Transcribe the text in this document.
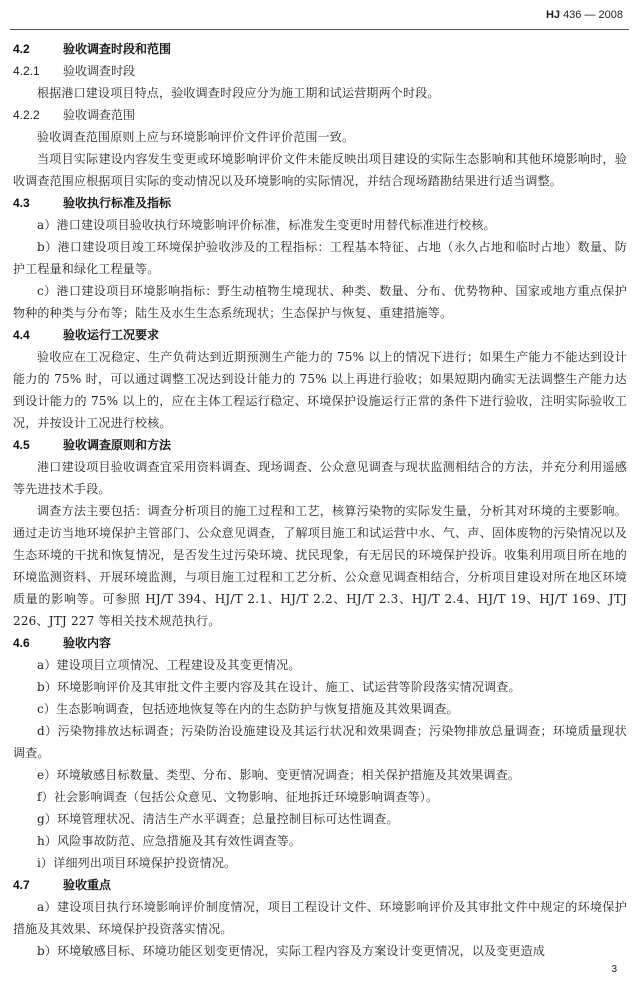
HJ 436 — 2008
4.2	验收调查时段和范围
4.2.1 验收调查时段

根据港口建设项目特点，验收调查时段应分为施工期和试运营期两个时段。

4.2.2 验收调查范围

验收调查范围原则上应与环境影响评价文件评价范围一致。

当项目实际建设内容发生变更或环境影响评价文件未能反映出项目建设的实际生态影响和其他环境影响时，验收调查范围应根据项目实际的变动情况以及环境影响的实际情况，并结合现场踏勘结果进行适当调整。

4.3	验收执行标准及指标

a）港口建设项目验收执行环境影响评价标准，标准发生变更时用替代标准进行校核。

b）港口建设项目竣工环境保护验收涉及的工程指标：工程基本特征、占地（永久占地和临时占地）数量、防护工程量和绿化工程量等。

c）港口建设项目环境影响指标：野生动植物生境现状、种类、数量、分布、优势物种、国家或地方重点保护物种的种类与分布等；陆生及水生生态系统现状；生态保护与恢复、重建措施等。

4.4	验收运行工况要求

验收应在工况稳定、生产负荷达到近期预测生产能力的 75% 以上的情况下进行；如果生产能力不能达到设计能力的 75% 时，可以通过调整工况达到设计能力的 75% 以上再进行验收；如果短期内确实无法调整生产能力达到设计能力的 75% 以上的，应在主体工程运行稳定、环境保护设施运行正常的条件下进行验收，注明实际验收工况，并按设计工况进行校核。

4.5	验收调查原则和方法

港口建设项目验收调查宜采用资料调查、现场调查、公众意见调查与现状监测相结合的方法，并充分利用遥感等先进技术手段。

调查方法主要包括：调查分析项目的施工过程和工艺，核算污染物的实际发生量，分析其对环境的主要影响。通过走访当地环境保护主管部门、公众意见调查，了解项目施工和试运营中水、气、声、固体废物的污染情况以及生态环境的干扰和恢复情况，是否发生过污染环境、扰民现象，有无居民的环境保护投诉。收集利用项目所在地的环境监测资料、开展环境监测，与项目施工过程和工艺分析、公众意见调查相结合，分析项目建设对所在地区环境质量的影响等。可参照 HJ/T 394、HJ/T 2.1、HJ/T 2.2、HJ/T 2.3、HJ/T 2.4、HJ/T 19、HJ/T 169、JTJ 226、JTJ 227 等相关技术规范执行。

4.6	验收内容

a）建设项目立项情况、工程建设及其变更情况。

b）环境影响评价及其审批文件主要内容及其在设计、施工、试运营等阶段落实情况调查。

c）生态影响调查，包括迹地恢复等在内的生态防护与恢复措施及其效果调查。

d）污染物排放达标调查；污染防治设施建设及其运行状况和效果调查；污染物排放总量调查；环境质量现状调查。

e）环境敏感目标数量、类型、分布、影响、变更情况调查；相关保护措施及其效果调查。

f）社会影响调查（包括公众意见、文物影响、征地拆迁环境影响调查等）。

g）环境管理状况、清洁生产水平调查；总量控制目标可达性调查。

h）风险事故防范、应急措施及其有效性调查等。

i）详细列出项目环境保护投资情况。

4.7	验收重点

a）建设项目执行环境影响评价制度情况，项目工程设计文件、环境影响评价及其审批文件中规定的环境保护措施及其效果、环境保护投资落实情况。

b）环境敏感目标、环境功能区划变更情况，实际工程内容及方案设计变更情况，以及变更造成

3
